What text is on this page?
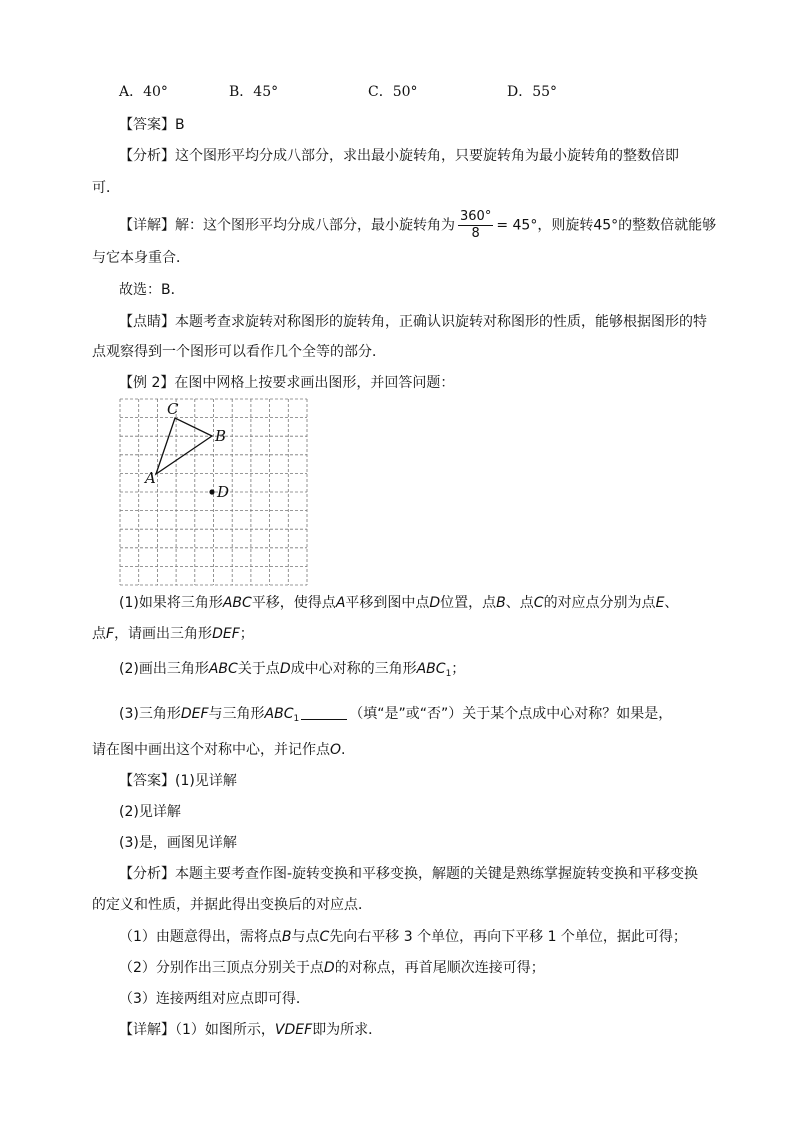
A．40°	B．45°	C．50°	D．55°
【答案】B
【分析】这个图形平均分成八部分，求出最小旋转角，只要旋转角为最小旋转角的整数倍即
可．
【详解】解：这个图形平均分成八部分，最小旋转角为 $\frac{360^\circ}{8} = 45^\circ$，则旋转45°的整数倍就能够
与它本身重合．
故选：B．
【点睛】本题考查求旋转对称图形的旋转角，正确认识旋转对称图形的性质，能够根据图形的特
点观察得到一个图形可以看作几个全等的部分．
【例 2】在图中网格上按要求画出图形，并回答问题：
A
B
C
D
(1)如果将三角形ABC平移，使得点A平移到图中点D位置，点B、点C的对应点分别为点E、
点F，请画出三角形DEF；
(2)画出三角形ABC关于点D成中心对称的三角形$ABC_1$；
(3)三角形DEF与三角形$ABC_1$	（填“是”或“否”）关于某个点成中心对称？如果是，
请在图中画出这个对称中心，并记作点O.
【答案】(1)见详解
(2)见详解
(3)是，画图见详解
【分析】本题主要考查作图-旋转变换和平移变换，解题的关键是熟练掌握旋转变换和平移变换
的定义和性质，并据此得出变换后的对应点．
（1）由题意得出，需将点B与点C先向右平移 3 个单位，再向下平移 1 个单位，据此可得；
（2）分别作出三顶点分别关于点D的对称点，再首尾顺次连接可得；
（3）连接两组对应点即可得．
【详解】（1）如图所示，VDEF即为所求．
